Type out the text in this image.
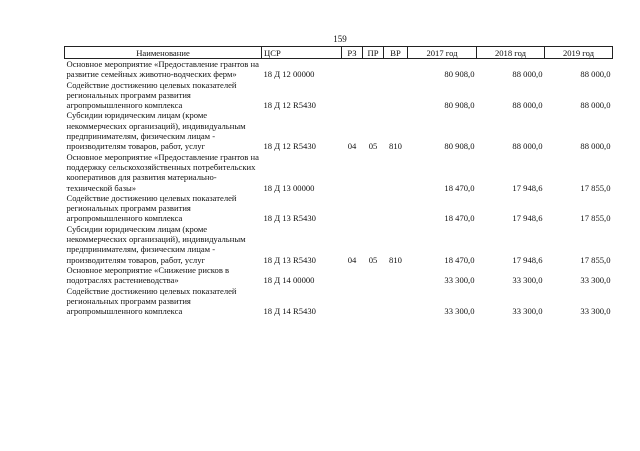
159
Наименование	ЦСР	РЗ	ПР	ВР	2017 год	2018 год	2019 год
Основное мероприятие «Предоставление грантов на развитие семейных животно-водческих ферм»	18 Д 12 00000				80 908,0	88 000,0	88 000,0
Содействие достижению целевых показателей региональных программ развития агропромышленного комплекса	18 Д 12 R5430				80 908,0	88 000,0	88 000,0
Субсидии юридическим лицам (кроме некоммерческих организаций), индивидуальным предпринимателям, физическим лицам - производителям товаров, работ, услуг	18 Д 12 R5430	04	05	810	80 908,0	88 000,0	88 000,0
Основное мероприятие «Предоставление грантов на поддержку сельскохозяйственных потребительских кооперативов для развития материально-технической базы»	18 Д 13 00000				18 470,0	17 948,6	17 855,0
Содействие достижению целевых показателей региональных программ развития агропромышленного комплекса	18 Д 13 R5430				18 470,0	17 948,6	17 855,0
Субсидии юридическим лицам (кроме некоммерческих организаций), индивидуальным предпринимателям, физическим лицам - производителям товаров, работ, услуг	18 Д 13 R5430	04	05	810	18 470,0	17 948,6	17 855,0
Основное мероприятие «Снижение рисков в подотраслях растениеводства»	18 Д 14 00000				33 300,0	33 300,0	33 300,0
Содействие достижению целевых показателей региональных программ развития агропромышленного комплекса	18 Д 14 R5430				33 300,0	33 300,0	33 300,0
